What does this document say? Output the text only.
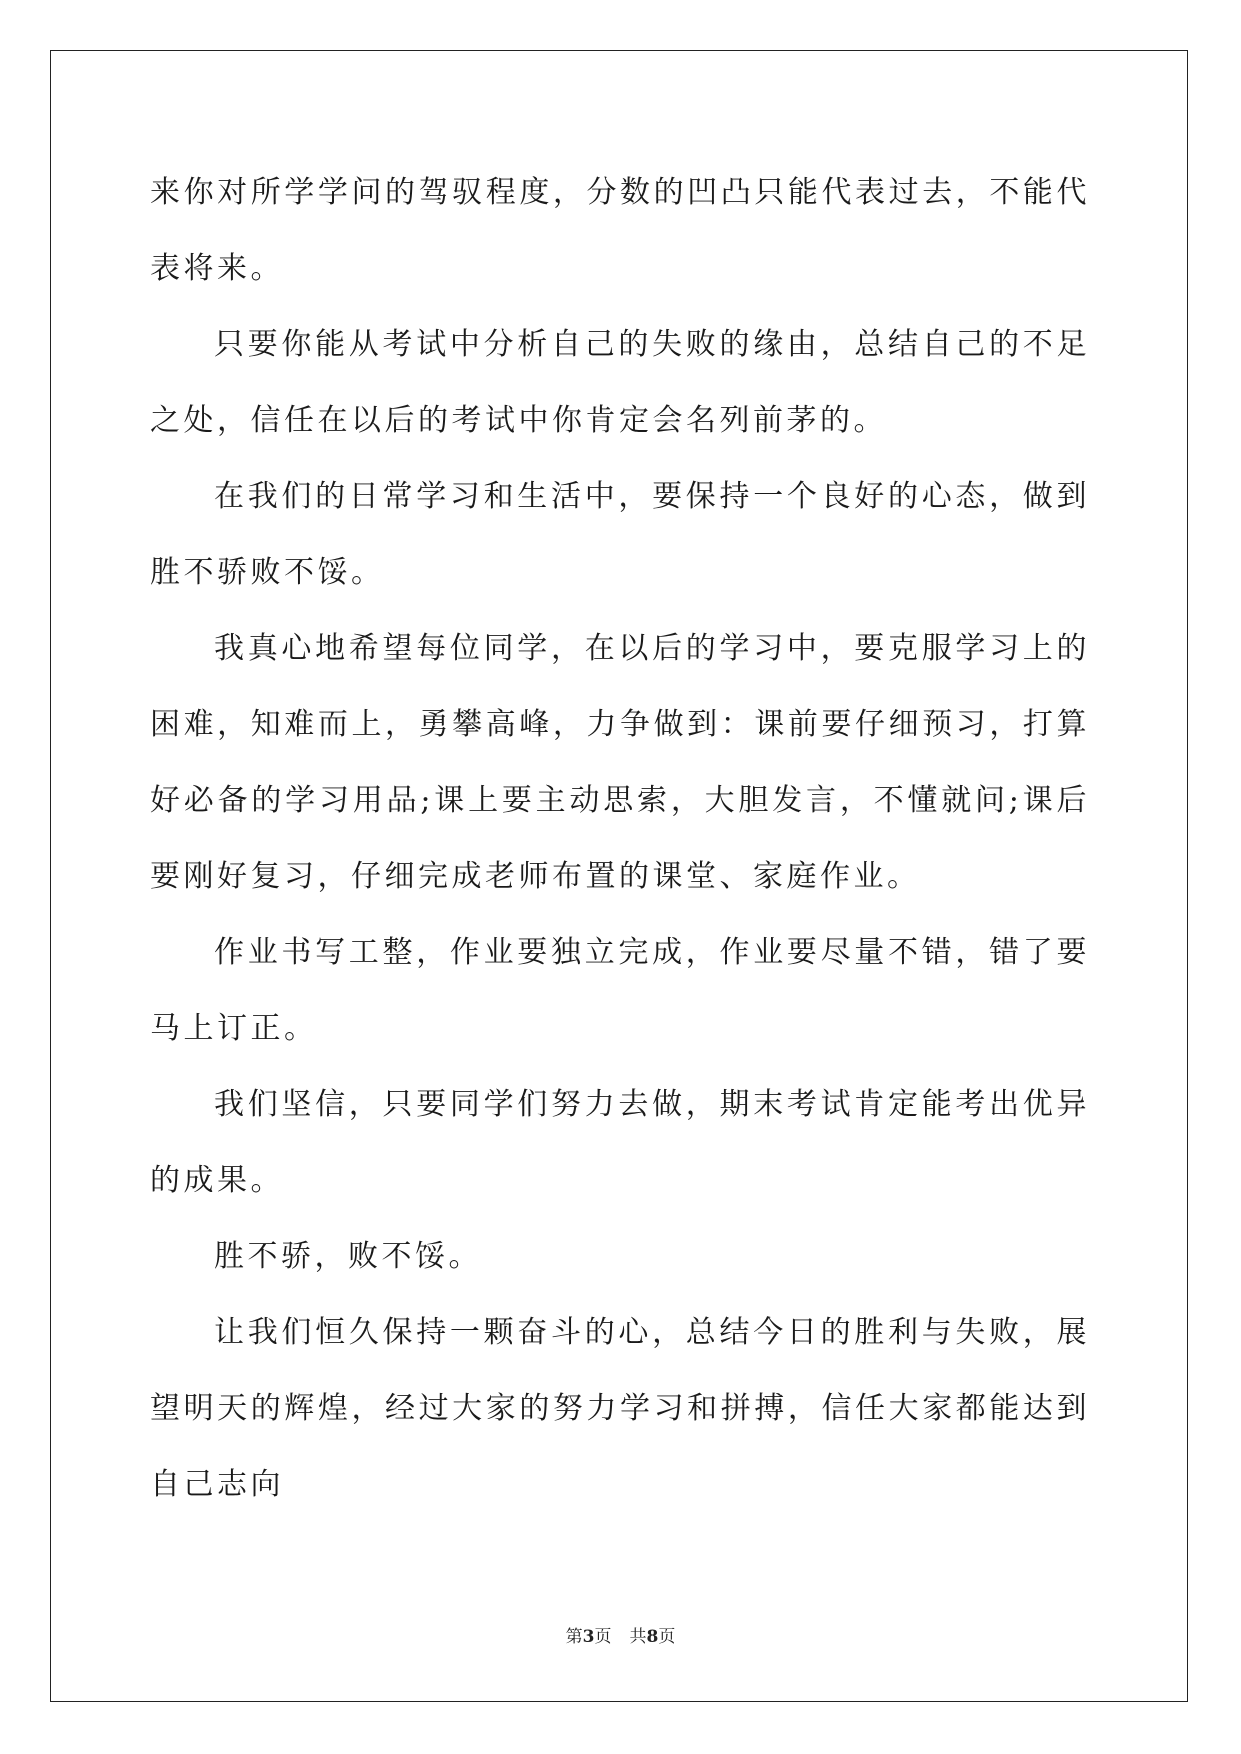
来你对所学学问的驾驭程度，分数的凹凸只能代表过去，不能代表将来。

只要你能从考试中分析自己的失败的缘由，总结自己的不足之处，信任在以后的考试中你肯定会名列前茅的。

在我们的日常学习和生活中，要保持一个良好的心态，做到胜不骄败不馁。

我真心地希望每位同学，在以后的学习中，要克服学习上的困难，知难而上，勇攀高峰，力争做到：课前要仔细预习，打算好必备的学习用品;课上要主动思索，大胆发言，不懂就问;课后要刚好复习，仔细完成老师布置的课堂、家庭作业。

作业书写工整，作业要独立完成，作业要尽量不错，错了要马上订正。

我们坚信，只要同学们努力去做，期末考试肯定能考出优异的成果。

胜不骄，败不馁。

让我们恒久保持一颗奋斗的心，总结今日的胜利与失败，展望明天的辉煌，经过大家的努力学习和拼搏，信任大家都能达到自己志向

第3页 共8页
